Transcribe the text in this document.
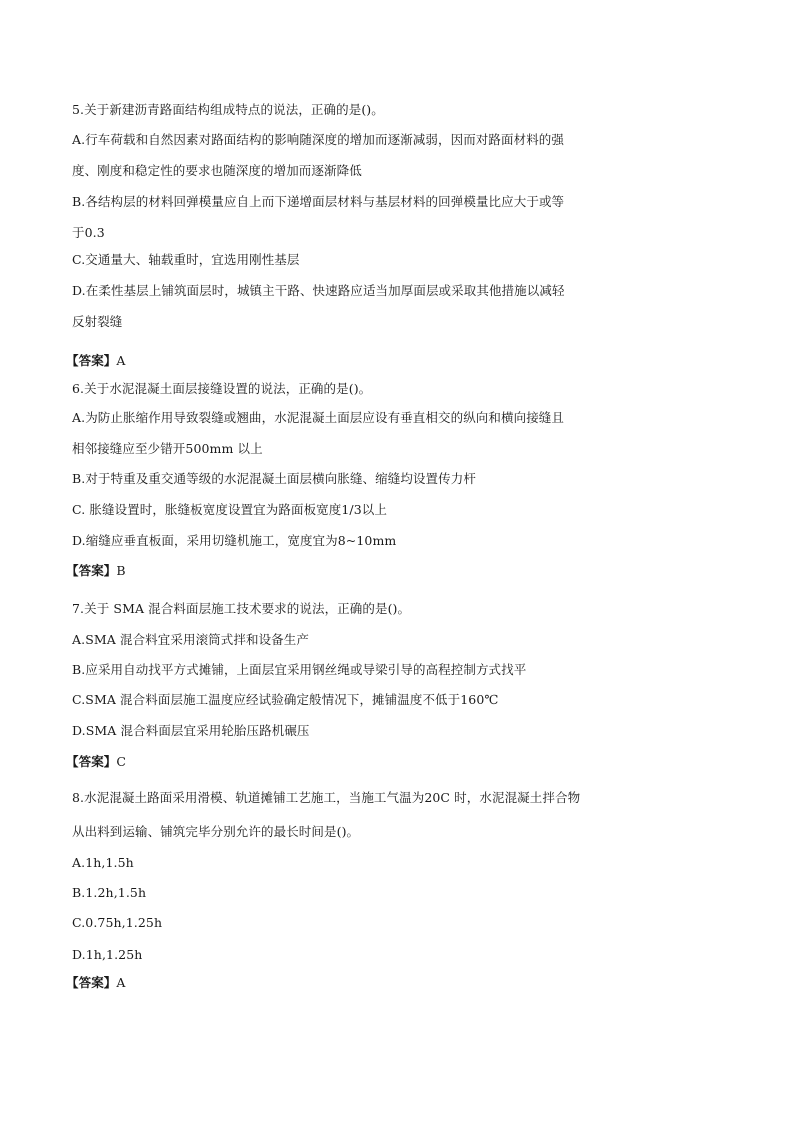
5.关于新建沥青路面结构组成特点的说法，正确的是()。

A.行车荷载和自然因素对路面结构的影响随深度的增加而逐渐减弱，因而对路面材料的强

度、刚度和稳定性的要求也随深度的增加而逐渐降低

B.各结构层的材料回弹模量应自上而下递增面层材料与基层材料的回弹模量比应大于或等

于0.3

C.交通量大、轴载重时，宜选用刚性基层

D.在柔性基层上铺筑面层时，城镇主干路、快速路应适当加厚面层或采取其他措施以减轻

反射裂缝

【答案】A

6.关于水泥混凝土面层接缝设置的说法，正确的是()。

A.为防止胀缩作用导致裂缝或翘曲，水泥混凝土面层应设有垂直相交的纵向和横向接缝且

相邻接缝应至少错开500mm 以上

B.对于特重及重交通等级的水泥混凝土面层横向胀缝、缩缝均设置传力杆

C. 胀缝设置时，胀缝板宽度设置宜为路面板宽度1/3以上

D.缩缝应垂直板面，采用切缝机施工，宽度宜为8~10mm

【答案】B

7.关于 SMA 混合料面层施工技术要求的说法，正确的是()。

A.SMA 混合料宜采用滚筒式拌和设备生产

B.应采用自动找平方式摊铺，上面层宜采用钢丝绳或导梁引导的高程控制方式找平

C.SMA 混合料面层施工温度应经试验确定般情况下，摊铺温度不低于160℃

D.SMA 混合料面层宜采用轮胎压路机碾压

【答案】C

8.水泥混凝土路面采用滑模、轨道摊铺工艺施工，当施工气温为20C 时，水泥混凝土拌合物

从出料到运输、铺筑完毕分别允许的最长时间是()。

A.1h,1.5h

B.1.2h,1.5h

C.0.75h,1.25h

D.1h,1.25h

【答案】A
